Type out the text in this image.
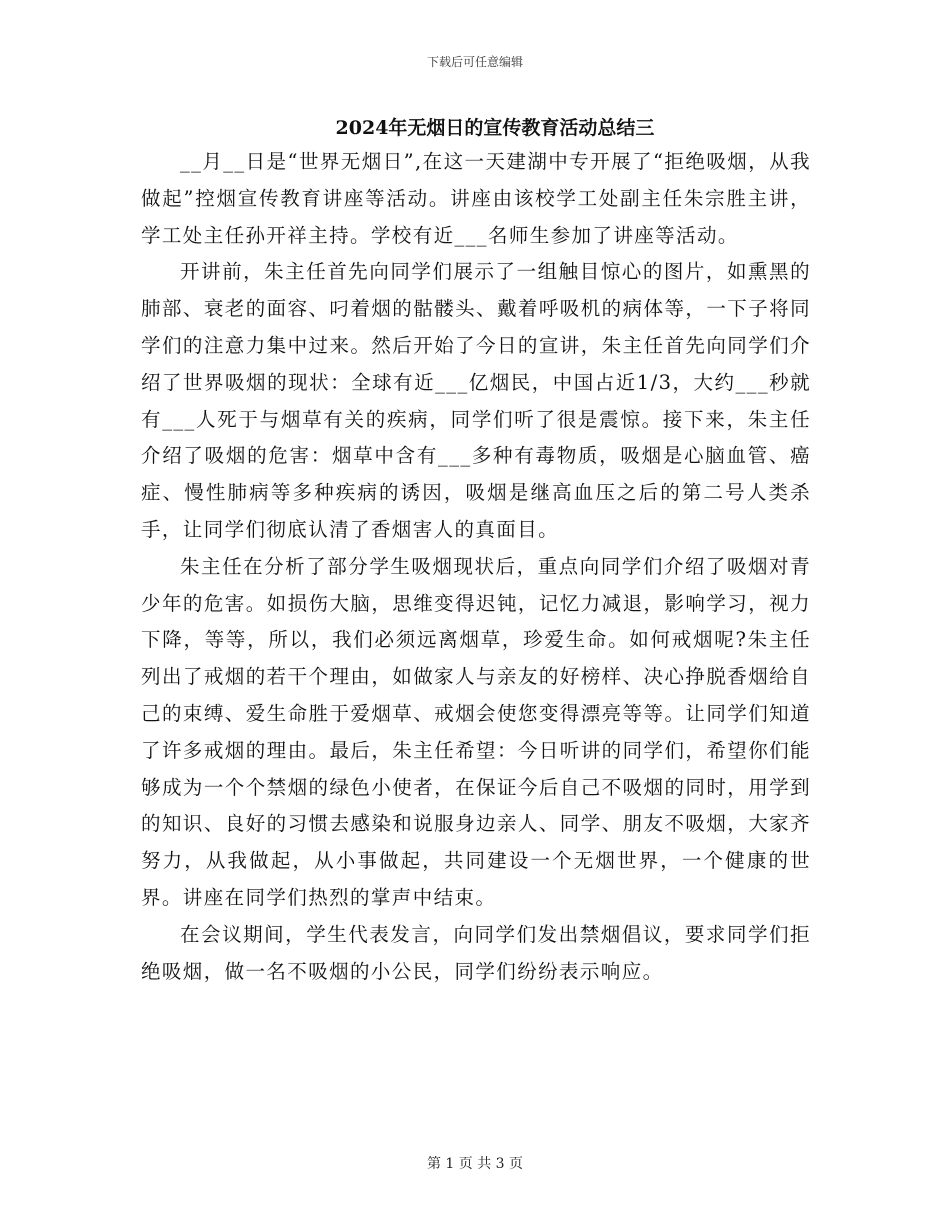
下载后可任意编辑
2024年无烟日的宣传教育活动总结三

__月__日是“世界无烟日”,在这一天建湖中专开展了“拒绝吸烟，从我做起”控烟宣传教育讲座等活动。讲座由该校学工处副主任朱宗胜主讲，学工处主任孙开祥主持。学校有近___名师生参加了讲座等活动。

开讲前，朱主任首先向同学们展示了一组触目惊心的图片，如熏黑的肺部、衰老的面容、叼着烟的骷髅头、戴着呼吸机的病体等，一下子将同学们的注意力集中过来。然后开始了今日的宣讲，朱主任首先向同学们介绍了世界吸烟的现状：全球有近___亿烟民，中国占近1/3，大约___秒就有___人死于与烟草有关的疾病，同学们听了很是震惊。接下来，朱主任介绍了吸烟的危害：烟草中含有___多种有毒物质，吸烟是心脑血管、癌症、慢性肺病等多种疾病的诱因，吸烟是继高血压之后的第二号人类杀手，让同学们彻底认清了香烟害人的真面目。

朱主任在分析了部分学生吸烟现状后，重点向同学们介绍了吸烟对青少年的危害。如损伤大脑，思维变得迟钝，记忆力减退，影响学习，视力下降，等等，所以，我们必须远离烟草，珍爱生命。如何戒烟呢?朱主任列出了戒烟的若干个理由，如做家人与亲友的好榜样、决心挣脱香烟给自己的束缚、爱生命胜于爱烟草、戒烟会使您变得漂亮等等。让同学们知道了许多戒烟的理由。最后，朱主任希望：今日听讲的同学们，希望你们能够成为一个个禁烟的绿色小使者，在保证今后自己不吸烟的同时，用学到的知识、良好的习惯去感染和说服身边亲人、同学、朋友不吸烟，大家齐努力，从我做起，从小事做起，共同建设一个无烟世界，一个健康的世界。讲座在同学们热烈的掌声中结束。

在会议期间，学生代表发言，向同学们发出禁烟倡议，要求同学们拒绝吸烟，做一名不吸烟的小公民，同学们纷纷表示响应。

第 1 页 共 3 页
